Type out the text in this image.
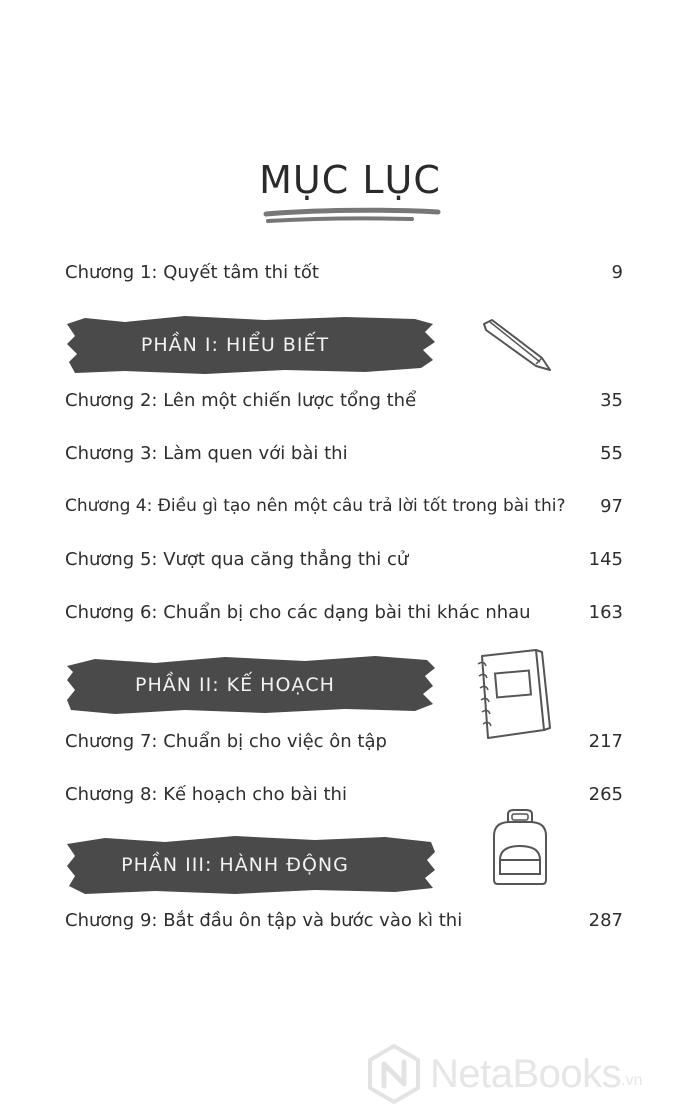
MỤC LỤC
Chương 1: Quyết tâm thi tốt	9
PHẦN I: HIỂU BIẾT
Chương 2: Lên một chiến lược tổng thể	35
Chương 3: Làm quen với bài thi	55
Chương 4: Điều gì tạo nên một câu trả lời tốt trong bài thi? 97
Chương 5: Vượt qua căng thẳng thi cử	145
Chương 6: Chuẩn bị cho các dạng bài thi khác nhau	163
PHẦN II: KẾ HOẠCH
Chương 7: Chuẩn bị cho việc ôn tập	217
Chương 8: Kế hoạch cho bài thi	265
PHẦN III: HÀNH ĐỘNG
Chương 9: Bắt đầu ôn tập và bước vào kì thi	287
NetaBooks .vn
